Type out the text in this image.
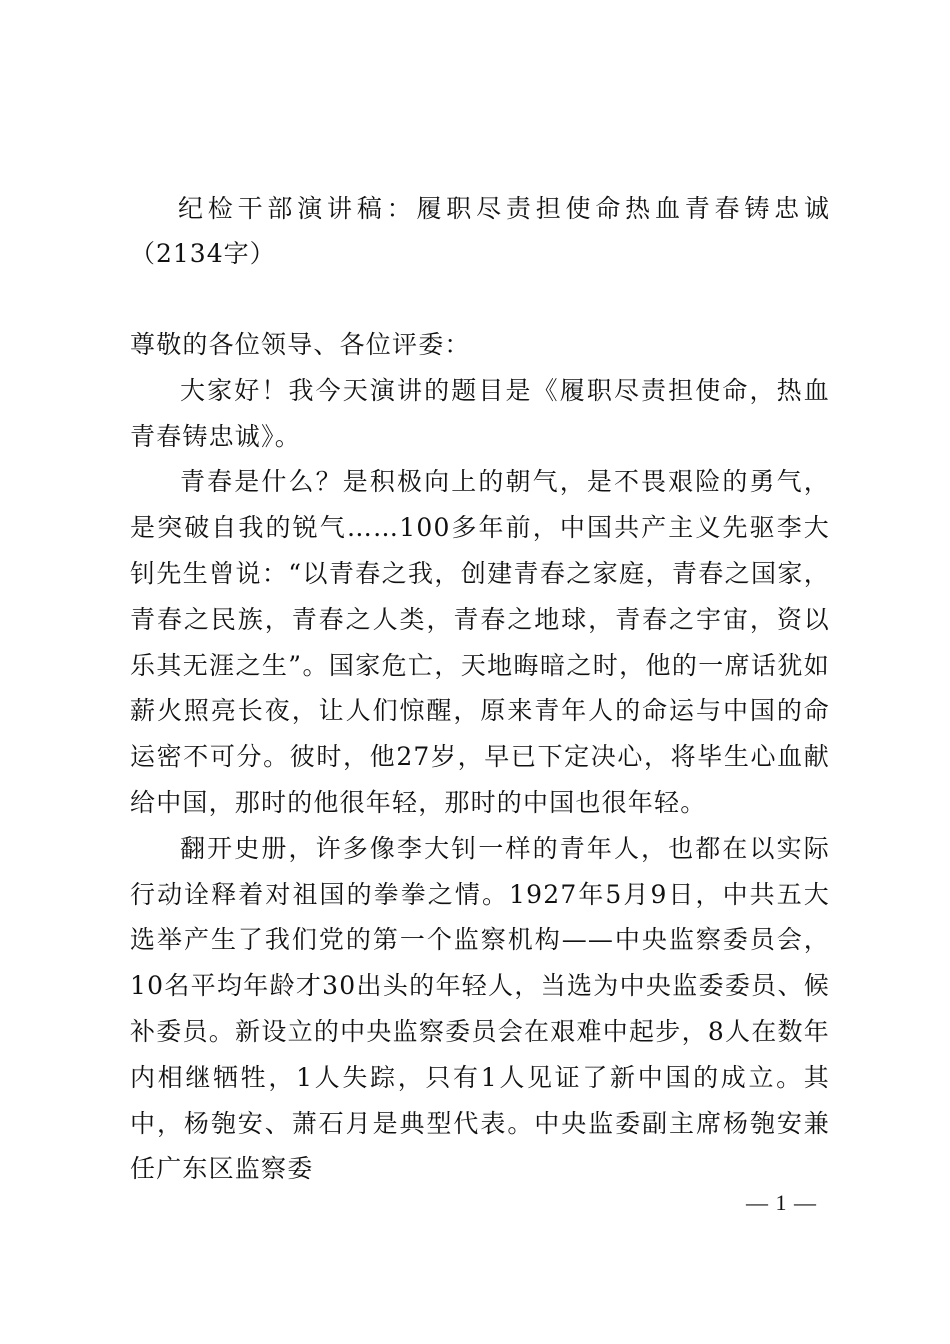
纪检干部演讲稿：履职尽责担使命热血青春铸忠诚（2134字）

尊敬的各位领导、各位评委：

大家好！我今天演讲的题目是《履职尽责担使命，热血青春铸忠诚》。

青春是什么？是积极向上的朝气，是不畏艰险的勇气，是突破自我的锐气……100多年前，中国共产主义先驱李大钊先生曾说：“以青春之我，创建青春之家庭，青春之国家，青春之民族，青春之人类，青春之地球，青春之宇宙，资以乐其无涯之生”。国家危亡，天地晦暗之时，他的一席话犹如薪火照亮长夜，让人们惊醒，原来青年人的命运与中国的命运密不可分。彼时，他27岁，早已下定决心，将毕生心血献给中国，那时的他很年轻，那时的中国也很年轻。

翻开史册，许多像李大钊一样的青年人，也都在以实际行动诠释着对祖国的拳拳之情。1927年5月9日，中共五大选举产生了我们党的第一个监察机构——中央监察委员会，10名平均年龄才30出头的年轻人，当选为中央监委委员、候补委员。新设立的中央监察委员会在艰难中起步，8人在数年内相继牺牲，1人失踪，只有1人见证了新中国的成立。其中，杨匏安、萧石月是典型代表。中央监委副主席杨匏安兼任广东区监察委

— 1 —
